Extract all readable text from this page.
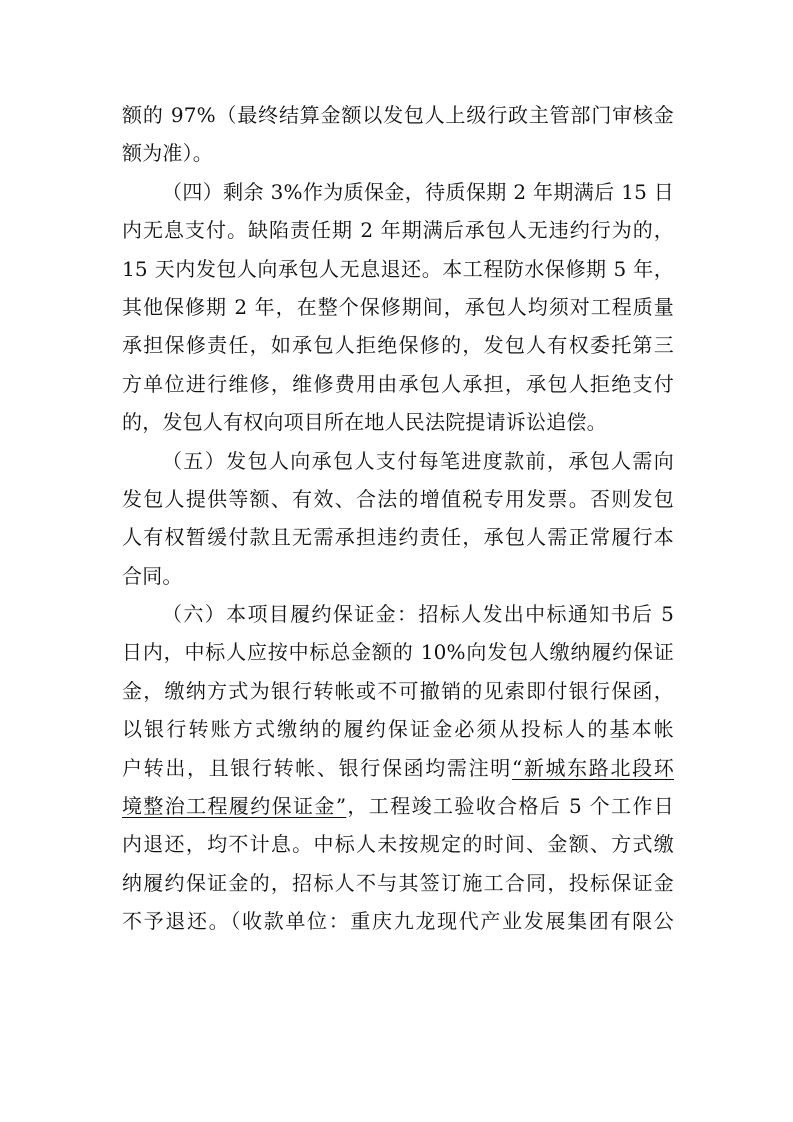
额的 97%（最终结算金额以发包人上级行政主管部门审核金
额为准）。
（四）剩余 3%作为质保金，待质保期 2 年期满后 15 日
内无息支付。缺陷责任期 2 年期满后承包人无违约行为的，
15 天内发包人向承包人无息退还。本工程防水保修期 5 年，
其他保修期 2 年，在整个保修期间，承包人均须对工程质量
承担保修责任，如承包人拒绝保修的，发包人有权委托第三
方单位进行维修，维修费用由承包人承担，承包人拒绝支付
的，发包人有权向项目所在地人民法院提请诉讼追偿。
（五）发包人向承包人支付每笔进度款前，承包人需向
发包人提供等额、有效、合法的增值税专用发票。否则发包
人有权暂缓付款且无需承担违约责任，承包人需正常履行本
合同。
（六）本项目履约保证金：招标人发出中标通知书后 5
日内，中标人应按中标总金额的 10%向发包人缴纳履约保证
金，缴纳方式为银行转帐或不可撤销的见索即付银行保函，
以银行转账方式缴纳的履约保证金必须从投标人的基本帐
户转出，且银行转帐、银行保函均需注明“新城东路北段环
境整治工程履约保证金”，工程竣工验收合格后 5 个工作日
内退还，均不计息。中标人未按规定的时间、金额、方式缴
纳履约保证金的，招标人不与其签订施工合同，投标保证金
不予退还。（收款单位：重庆九龙现代产业发展集团有限公
